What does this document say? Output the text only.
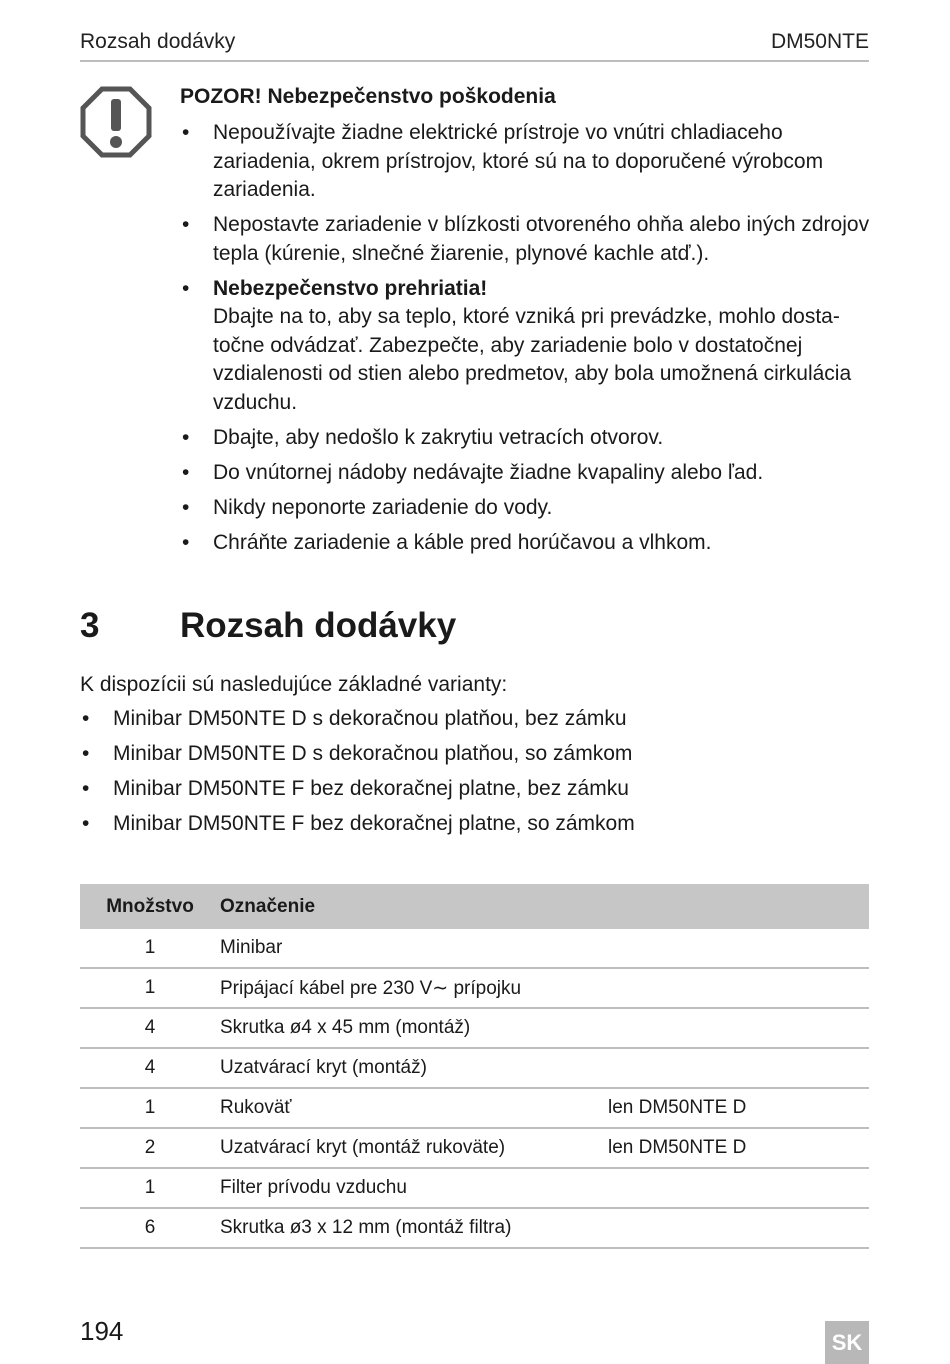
Rozsah dodávky	DM50NTE
POZOR! Nebezpečenstvo poškodenia
• Nepoužívajte žiadne elektrické prístroje vo vnútri chladiaceho zariadenia, okrem prístrojov, ktoré sú na to doporučené výrobcom zariadenia.
• Nepostavte zariadenie v blízkosti otvoreného ohňa alebo iných zdrojov tepla (kúrenie, slnečné žiarenie, plynové kachle atď.).
• Nebezpečenstvo prehriatia!
Dbajte na to, aby sa teplo, ktoré vzniká pri prevádzke, mohlo dostatočne odvádzať. Zabezpečte, aby zariadenie bolo v dostatočnej vzdialenosti od stien alebo predmetov, aby bola umožnená cirkulácia vzduchu.
• Dbajte, aby nedošlo k zakrytiu vetracích otvorov.
• Do vnútornej nádoby nedávajte žiadne kvapaliny alebo ľad.
• Nikdy neponorte zariadenie do vody.
• Chráňte zariadenie a káble pred horúčavou a vlhkom.
3 Rozsah dodávky
K dispozícii sú nasledujúce základné varianty:
• Minibar DM50NTE D s dekoračnou platňou, bez zámku
• Minibar DM50NTE D s dekoračnou platňou, so zámkom
• Minibar DM50NTE F bez dekoračnej platne, bez zámku
• Minibar DM50NTE F bez dekoračnej platne, so zámkom
Množstvo	Označenie	
1	Minibar	
1	Pripájací kábel pre 230 V∼ prípojku	
4	Skrutka ø4 x 45 mm (montáž)	
4	Uzatvárací kryt (montáž)	
1	Rukoväť	len DM50NTE D
2	Uzatvárací kryt (montáž rukoväte)	len DM50NTE D
1	Filter prívodu vzduchu	
6	Skrutka ø3 x 12 mm (montáž filtra)	
194	SK
